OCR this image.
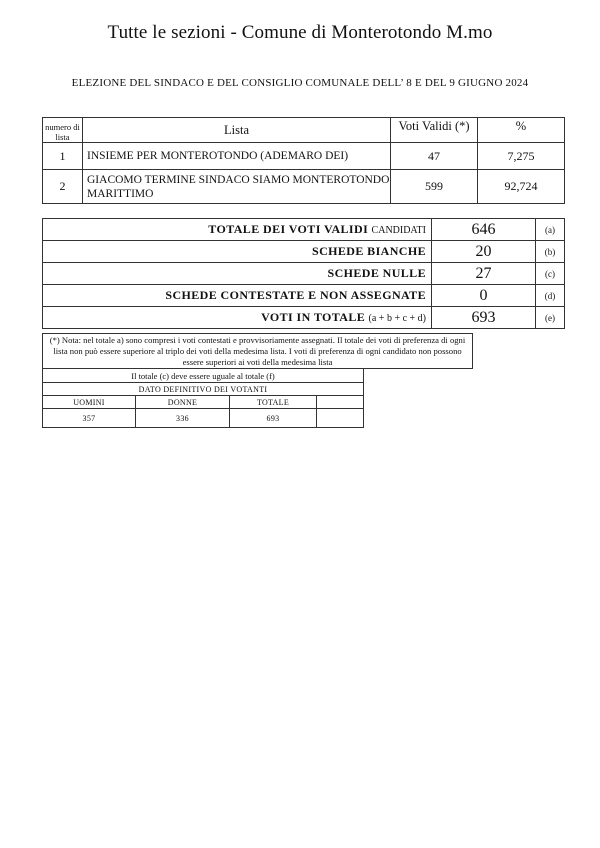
Tutte le sezioni - Comune di Monterotondo M.mo
ELEZIONE DEL SINDACO E DEL CONSIGLIO COMUNALE DELL’ 8 E DEL 9 GIUGNO 2024
numero di lista	Lista	Voti Validi (*)	%
1	INSIEME PER MONTEROTONDO (ADEMARO DEI)	47	7,275
2	GIACOMO TERMINE SINDACO SIAMO MONTEROTONDO MARITTIMO	599	92,724
TOTALE DEI VOTI VALIDI CANDIDATI	646	(a)
SCHEDE BIANCHE	20	(b)
SCHEDE NULLE	27	(c)
SCHEDE CONTESTATE E NON ASSEGNATE	0	(d)
VOTI IN TOTALE (a + b + c + d)	693	(e)
(*) Nota: nel totale a) sono compresi i voti contestati e provvisoriamente assegnati. Il totale dei voti di preferenza di ogni lista non può essere superiore al triplo dei voti della medesima lista. I voti di preferenza di ogni candidato non possono essere superiori ai voti della medesima lista
Il totale (c) deve essere uguale al totale (f)			
DATO DEFINITIVO DEI VOTANTI			
UOMINI	DONNE	TOTALE	
357	336	693	
